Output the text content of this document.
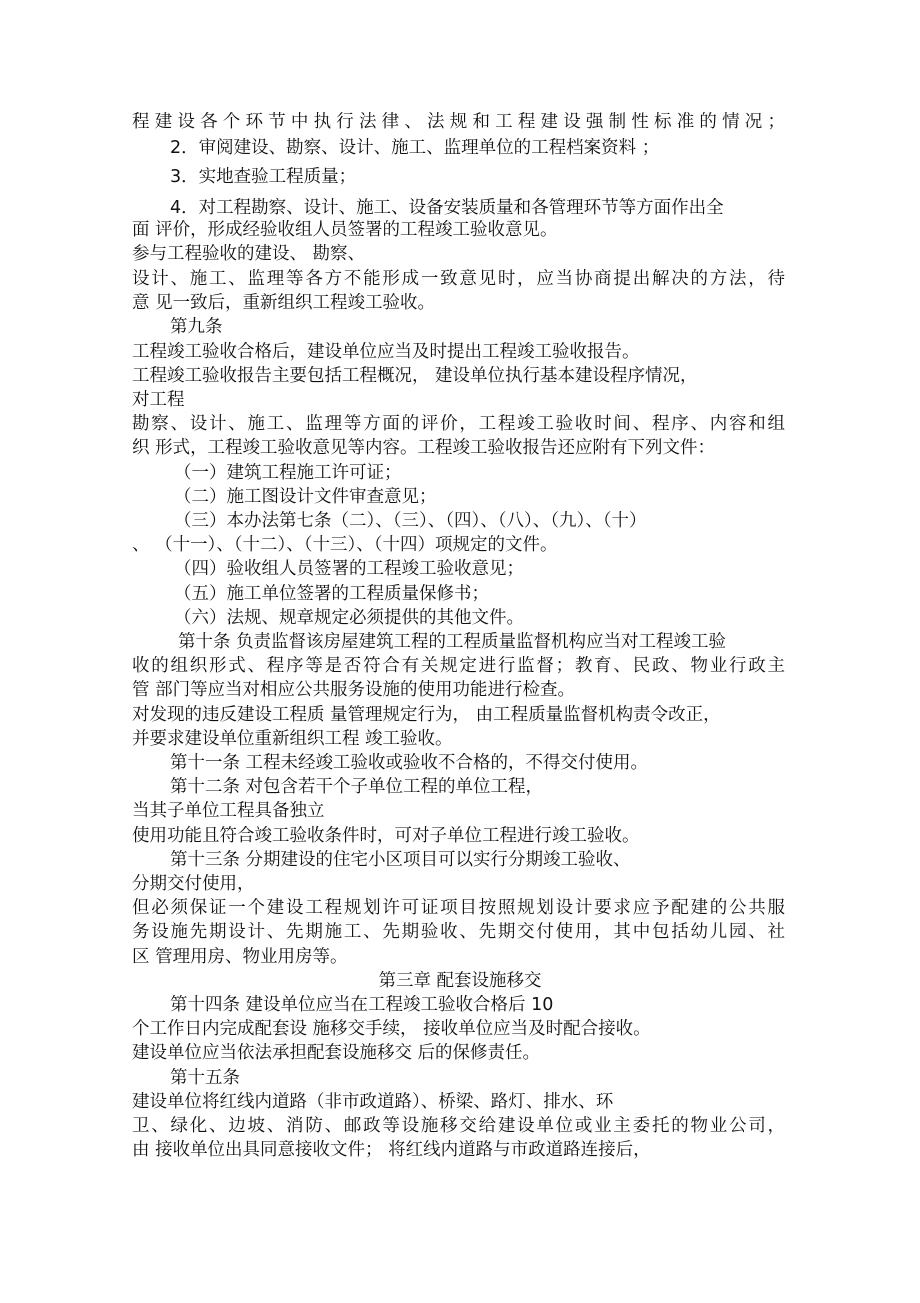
程建设各个环节中执行法律、法规和工程建设强制性标准的情况；
2．审阅建设、勘察、设计、施工、监理单位的工程档案资料 ；
3．实地查验工程质量；
4．对工程勘察、设计、施工、设备安装质量和各管理环节等方面作出全
面 评价，形成经验收组人员签署的工程竣工验收意见。
参与工程验收的建设、 勘察、
设计、施工、监理等各方不能形成一致意见时，应当协商提出解决的方法，待
意 见一致后，重新组织工程竣工验收。
第九条
工程竣工验收合格后，建设单位应当及时提出工程竣工验收报告。
工程竣工验收报告主要包括工程概况， 建设单位执行基本建设程序情况，
对工程
勘察、设计、施工、监理等方面的评价，工程竣工验收时间、程序、内容和组
织 形式，工程竣工验收意见等内容。工程竣工验收报告还应附有下列文件：
（一）建筑工程施工许可证；
（二）施工图设计文件审查意见；
（三）本办法第七条（二）、（三）、（四）、（八）、（九）、（十）
、 （十一）、（十二）、（十三）、（十四）项规定的文件。
（四）验收组人员签署的工程竣工验收意见；
（五）施工单位签署的工程质量保修书；
（六）法规、规章规定必须提供的其他文件。
第十条 负责监督该房屋建筑工程的工程质量监督机构应当对工程竣工验
收的组织形式、程序等是否符合有关规定进行监督；教育、民政、物业行政主
管 部门等应当对相应公共服务设施的使用功能进行检查。
对发现的违反建设工程质 量管理规定行为， 由工程质量监督机构责令改正，
并要求建设单位重新组织工程 竣工验收。
第十一条 工程未经竣工验收或验收不合格的，不得交付使用。
第十二条 对包含若干个子单位工程的单位工程，
当其子单位工程具备独立
使用功能且符合竣工验收条件时，可对子单位工程进行竣工验收。
第十三条 分期建设的住宅小区项目可以实行分期竣工验收、
分期交付使用，
但必须保证一个建设工程规划许可证项目按照规划设计要求应予配建的公共服
务设施先期设计、先期施工、先期验收、先期交付使用，其中包括幼儿园、社
区 管理用房、物业用房等。
第三章 配套设施移交
第十四条 建设单位应当在工程竣工验收合格后 10
个工作日内完成配套设 施移交手续， 接收单位应当及时配合接收。
建设单位应当依法承担配套设施移交 后的保修责任。
第十五条
建设单位将红线内道路（非市政道路）、桥梁、路灯、排水、环
卫、绿化、边坡、消防、邮政等设施移交给建设单位或业主委托的物业公司，
由 接收单位出具同意接收文件； 将红线内道路与市政道路连接后，
